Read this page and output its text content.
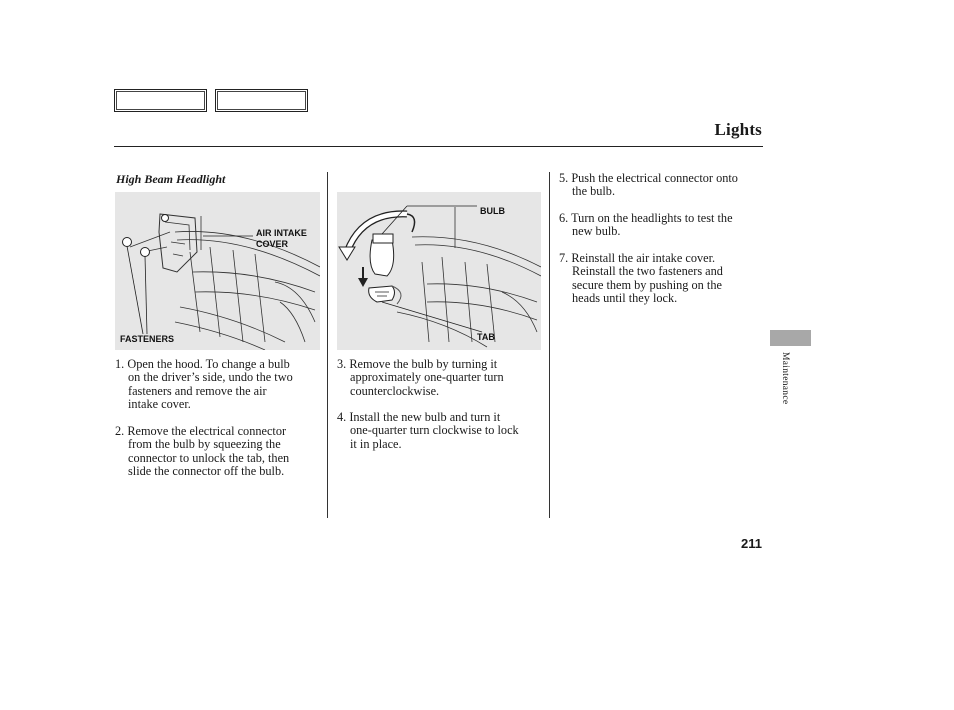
Lights
High Beam Headlight
AIR INTAKE
COVER
FASTENERS
BULB
TAB
1. Open the hood. To change a bulb
on the driver’s side, undo the two
fasteners and remove the air
intake cover.
2. Remove the electrical connector
from the bulb by squeezing the
connector to unlock the tab, then
slide the connector off the bulb.
3. Remove the bulb by turning it
approximately one-quarter turn
counterclockwise.
4. Install the new bulb and turn it
one-quarter turn clockwise to lock
it in place.
5. Push the electrical connector onto
the bulb.
6. Turn on the headlights to test the
new bulb.
7. Reinstall the air intake cover.
Reinstall the two fasteners and
secure them by pushing on the
heads until they lock.
Maintenance
211
